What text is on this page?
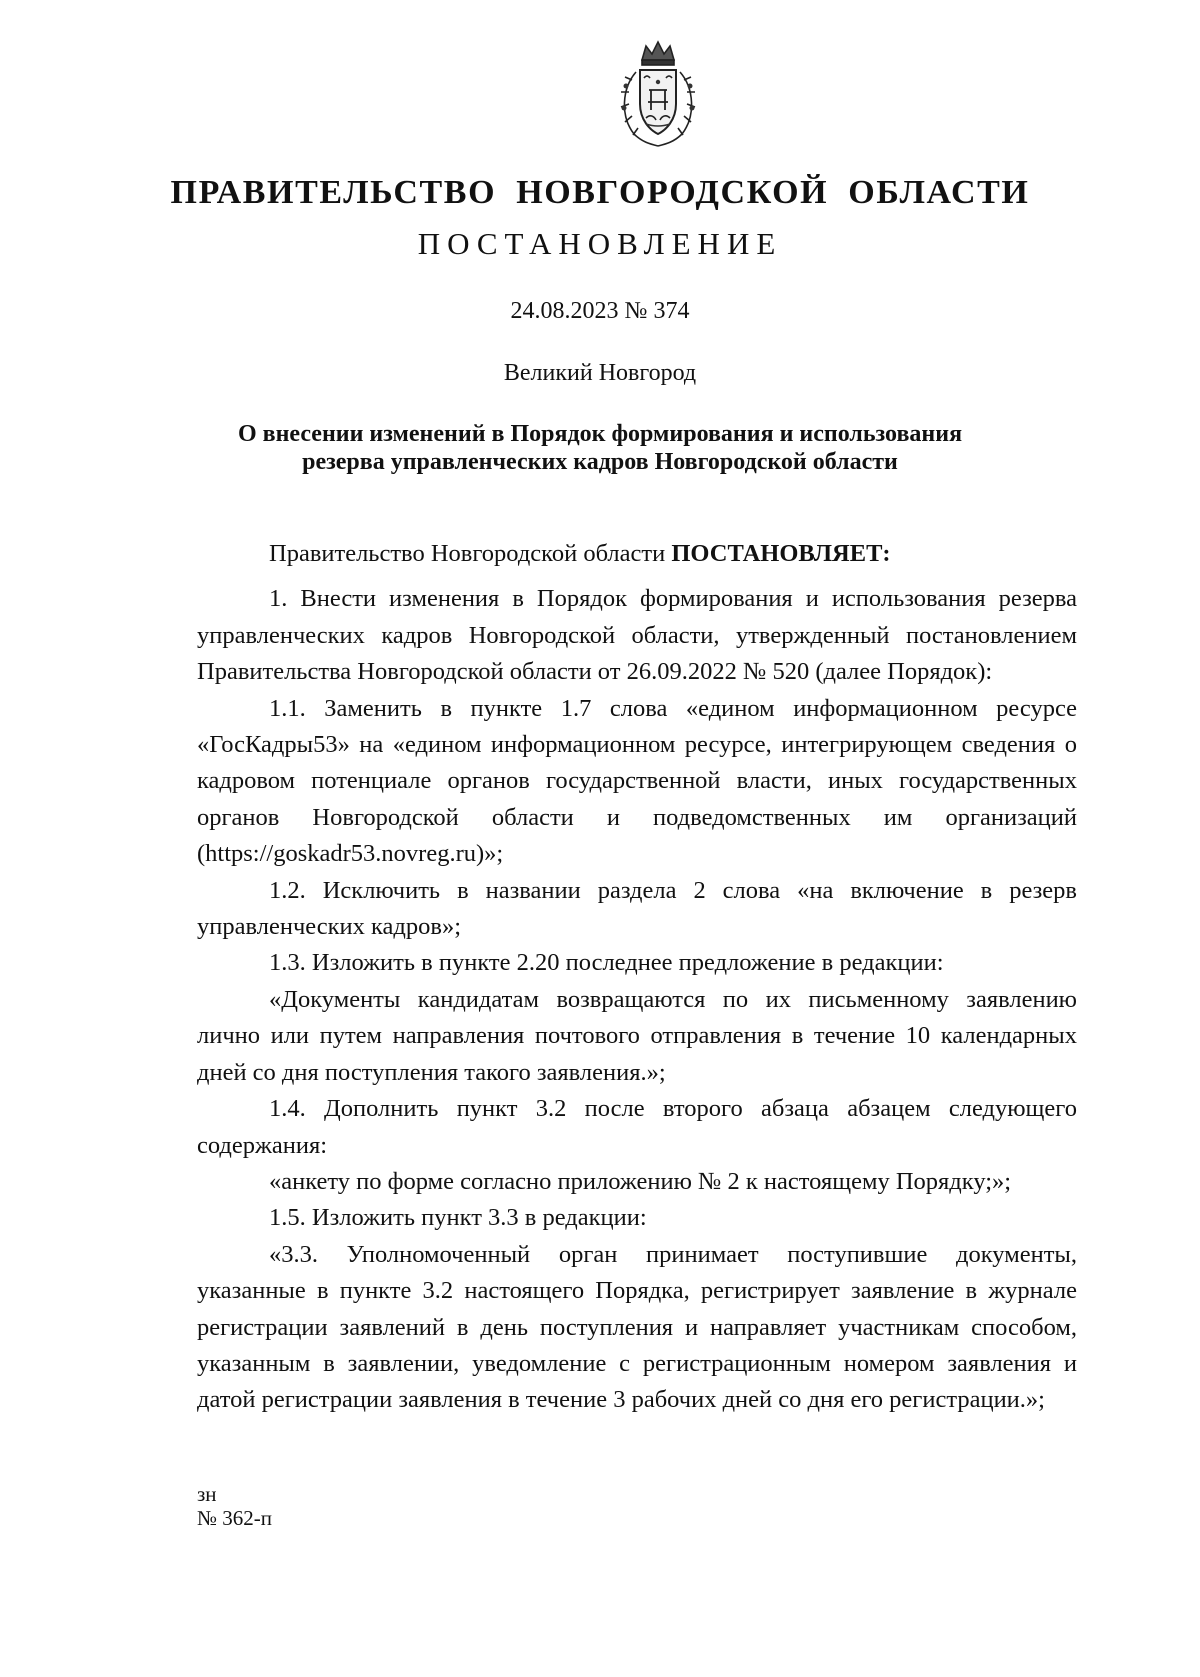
ПРАВИТЕЛЬСТВО НОВГОРОДСКОЙ ОБЛАСТИ
ПОСТАНОВЛЕНИЕ
24.08.2023 № 374
Великий Новгород
О внесении изменений в Порядок формирования и использования
резерва управленческих кадров Новгородской области

Правительство Новгородской области ПОСТАНОВЛЯЕТ:

1. Внести изменения в Порядок формирования и использования резерва управленческих кадров Новгородской области, утвержденный постановлением Правительства Новгородской области от 26.09.2022 № 520 (далее Порядок):

1.1. Заменить в пункте 1.7 слова «едином информационном ресурсе «ГосКадры53» на «едином информационном ресурсе, интегрирующем сведения о кадровом потенциале органов государственной власти, иных государственных органов Новгородской области и подведомственных им организаций (https://goskadr53.novreg.ru)»;

1.2. Исключить в названии раздела 2 слова «на включение в резерв управленческих кадров»;

1.3. Изложить в пункте 2.20 последнее предложение в редакции:

«Документы кандидатам возвращаются по их письменному заявлению лично или путем направления почтового отправления в течение 10 календарных дней со дня поступления такого заявления.»;

1.4. Дополнить пункт 3.2 после второго абзаца абзацем следующего содержания:

«анкету по форме согласно приложению № 2 к настоящему Порядку;»;

1.5. Изложить пункт 3.3 в редакции:

«3.3. Уполномоченный орган принимает поступившие документы, указанные в пункте 3.2 настоящего Порядка, регистрирует заявление в журнале регистрации заявлений в день поступления и направляет участникам способом, указанным в заявлении, уведомление с регистрационным номером заявления и датой регистрации заявления в течение 3 рабочих дней со дня его регистрации.»;

зн
№ 362-п
